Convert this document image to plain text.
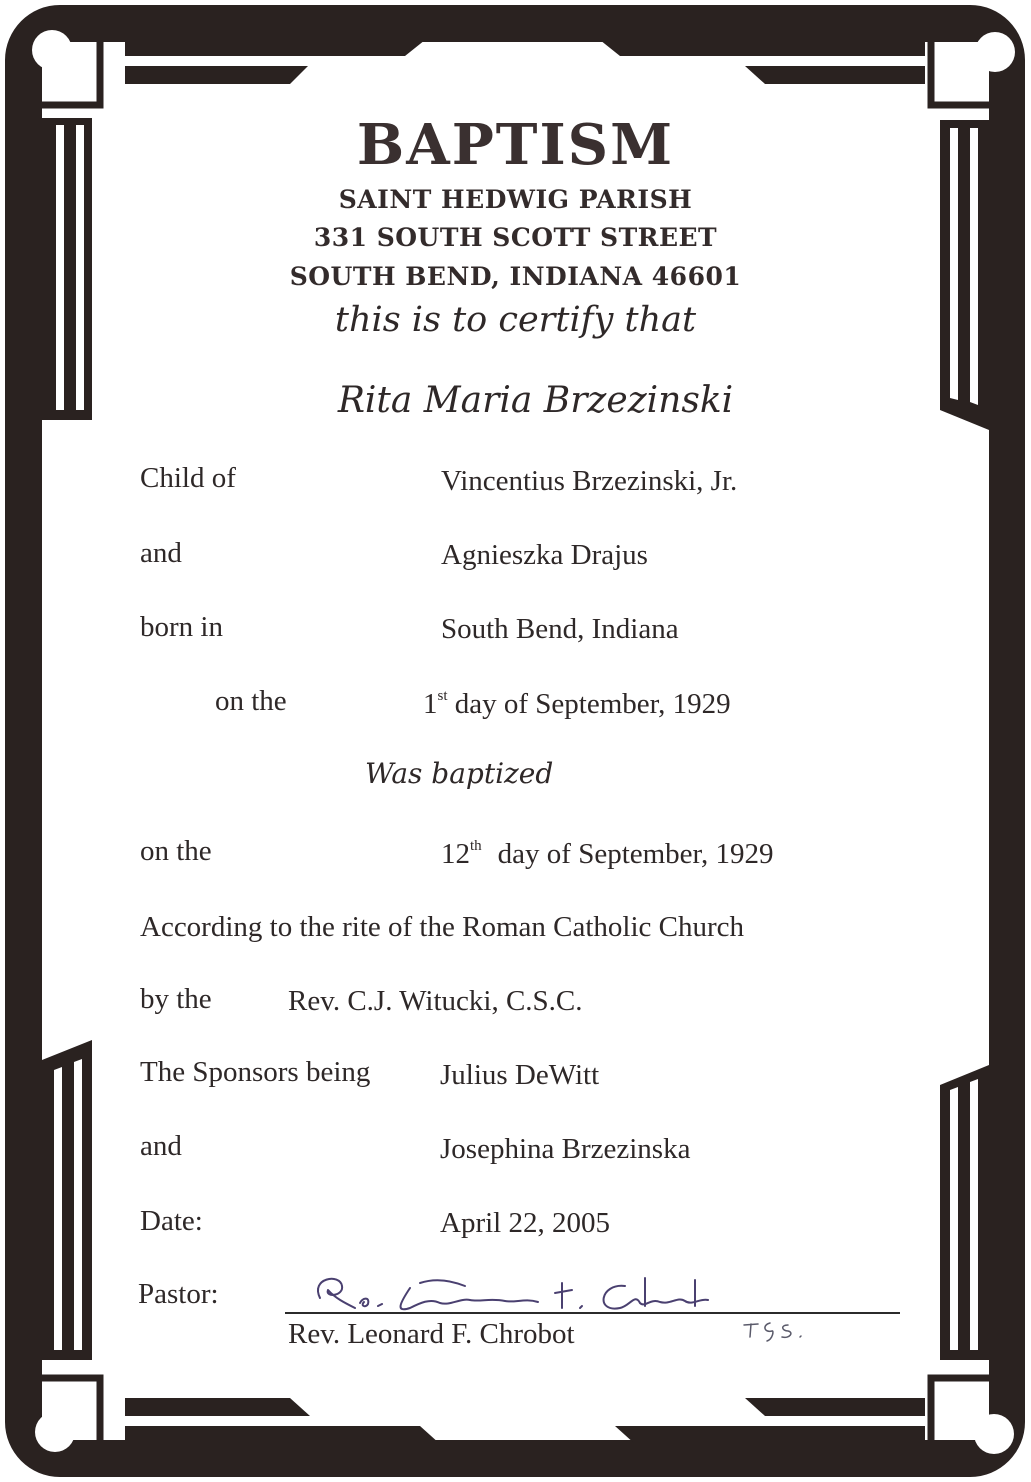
BAPTISM
SAINT HEDWIG PARISH
331 SOUTH SCOTT STREET
SOUTH BEND, INDIANA 46601
this is to certify that
Rita Maria Brzezinski
Child of	Vincentius Brzezinski, Jr.
and	Agnieszka Drajus
born in	South Bend, Indiana
on the	1st day of September, 1929
Was baptized
on the	12th day of September, 1929
According to the rite of the Roman Catholic Church
by the	Rev. C.J. Witucki, C.S.C.
The Sponsors being Julius DeWitt
and	Josephina Brzezinska
Date:	April 22, 2005
Pastor:
Rev. Leonard F. Chrobot
